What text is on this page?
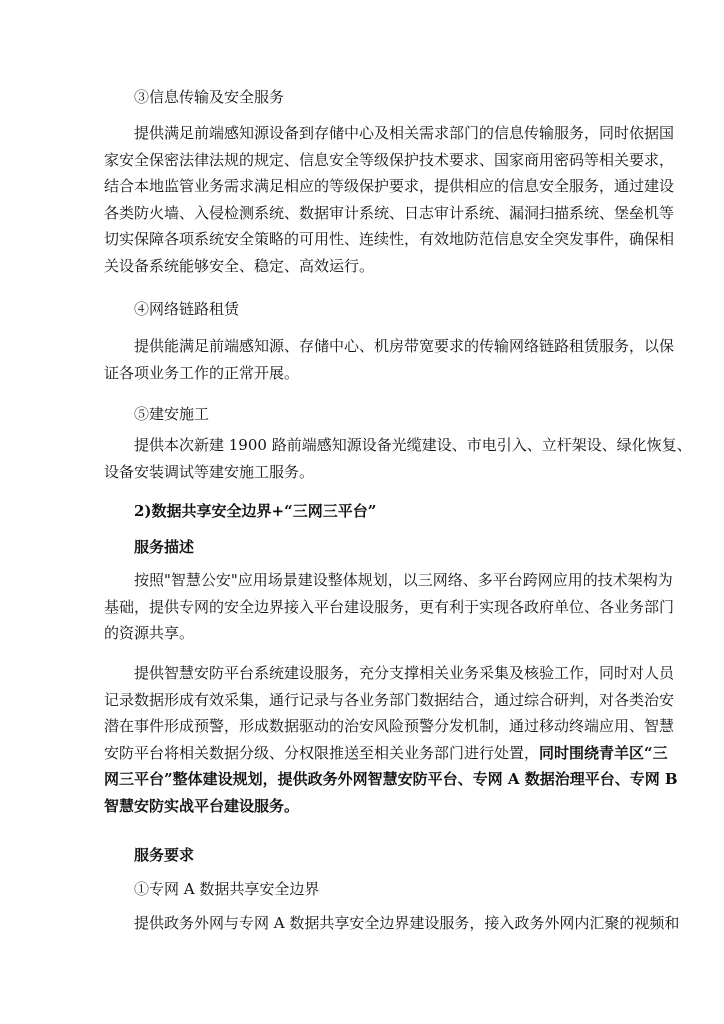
③信息传输及安全服务
提供满足前端感知源设备到存储中心及相关需求部门的信息传输服务，同时依据国
家安全保密法律法规的规定、信息安全等级保护技术要求、国家商用密码等相关要求，
结合本地监管业务需求满足相应的等级保护要求，提供相应的信息安全服务，通过建设
各类防火墙、入侵检测系统、数据审计系统、日志审计系统、漏洞扫描系统、堡垒机等
切实保障各项系统安全策略的可用性、连续性，有效地防范信息安全突发事件，确保相
关设备系统能够安全、稳定、高效运行。
④网络链路租赁
提供能满足前端感知源、存储中心、机房带宽要求的传输网络链路租赁服务，以保
证各项业务工作的正常开展。
⑤建安施工
提供本次新建 1900 路前端感知源设备光缆建设、市电引入、立杆架设、绿化恢复、
设备安装调试等建安施工服务。
2)数据共享安全边界+“三网三平台”
服务描述
按照"智慧公安"应用场景建设整体规划，以三网络、多平台跨网应用的技术架构为
基础，提供专网的安全边界接入平台建设服务，更有利于实现各政府单位、各业务部门
的资源共享。
提供智慧安防平台系统建设服务，充分支撑相关业务采集及核验工作，同时对人员
记录数据形成有效采集，通行记录与各业务部门数据结合，通过综合研判，对各类治安
潜在事件形成预警，形成数据驱动的治安风险预警分发机制，通过移动终端应用、智慧
安防平台将相关数据分级、分权限推送至相关业务部门进行处置，同时围绕青羊区“三
网三平台”整体建设规划，提供政务外网智慧安防平台、专网 A 数据治理平台、专网 B
智慧安防实战平台建设服务。
服务要求
①专网 A 数据共享安全边界
提供政务外网与专网 A 数据共享安全边界建设服务，接入政务外网内汇聚的视频和
